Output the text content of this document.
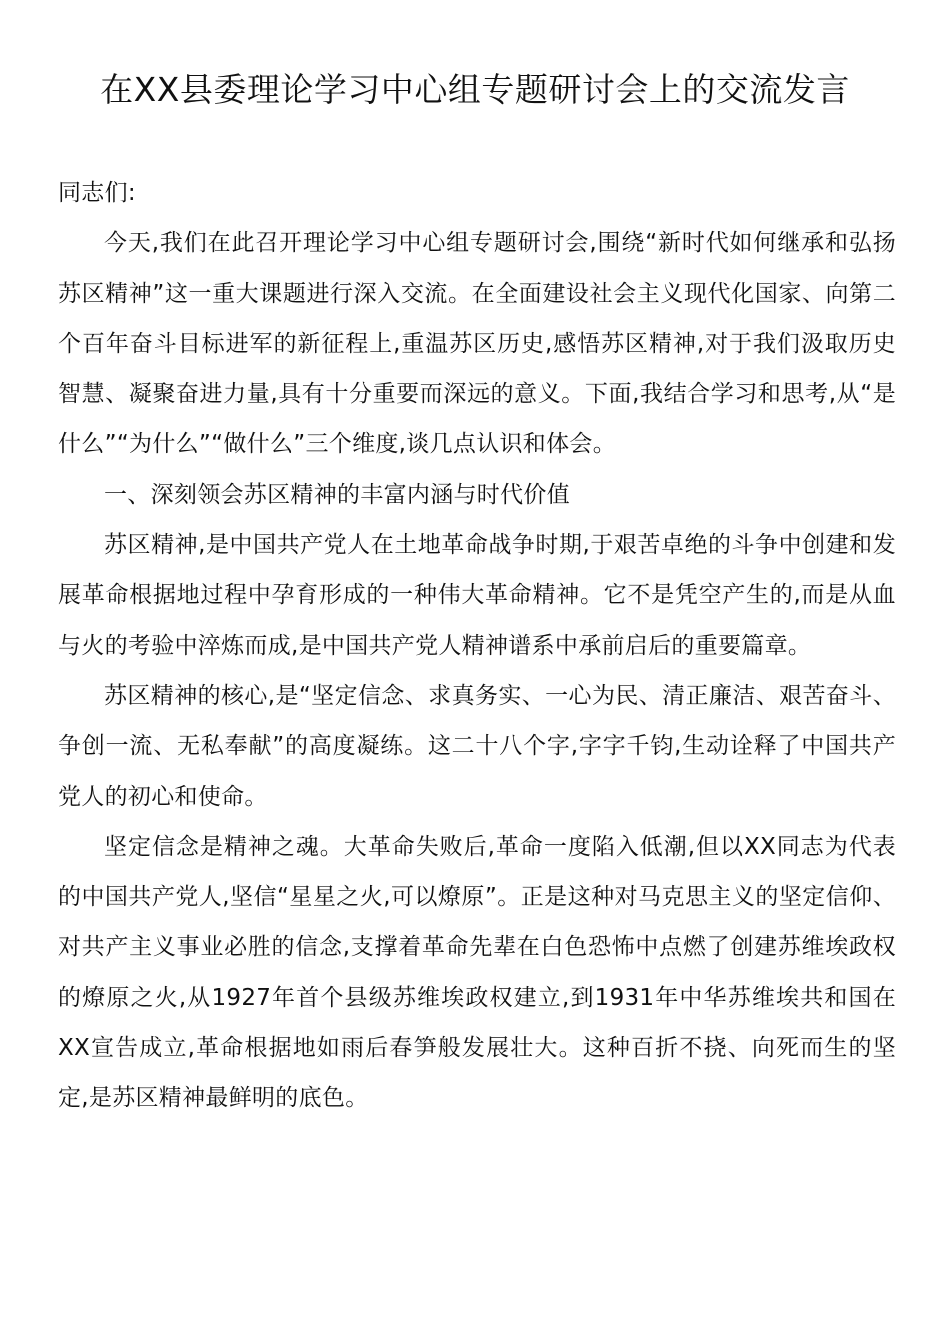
在XX县委理论学习中心组专题研讨会上的交流发言

同志们:

今天,我们在此召开理论学习中心组专题研讨会,围绕“新时代如何继承和弘扬苏区精神”这一重大课题进行深入交流。在全面建设社会主义现代化国家、向第二个百年奋斗目标进军的新征程上,重温苏区历史,感悟苏区精神,对于我们汲取历史智慧、凝聚奋进力量,具有十分重要而深远的意义。下面,我结合学习和思考,从“是什么”“为什么”“做什么”三个维度,谈几点认识和体会。

一、深刻领会苏区精神的丰富内涵与时代价值

苏区精神,是中国共产党人在土地革命战争时期,于艰苦卓绝的斗争中创建和发展革命根据地过程中孕育形成的一种伟大革命精神。它不是凭空产生的,而是从血与火的考验中淬炼而成,是中国共产党人精神谱系中承前启后的重要篇章。

苏区精神的核心,是“坚定信念、求真务实、一心为民、清正廉洁、艰苦奋斗、争创一流、无私奉献”的高度凝练。这二十八个字,字字千钧,生动诠释了中国共产党人的初心和使命。

坚定信念是精神之魂。大革命失败后,革命一度陷入低潮,但以XX同志为代表的中国共产党人,坚信“星星之火,可以燎原”。正是这种对马克思主义的坚定信仰、对共产主义事业必胜的信念,支撑着革命先辈在白色恐怖中点燃了创建苏维埃政权的燎原之火,从1927年首个县级苏维埃政权建立,到1931年中华苏维埃共和国在XX宣告成立,革命根据地如雨后春笋般发展壮大。这种百折不挠、向死而生的坚定,是苏区精神最鲜明的底色。
